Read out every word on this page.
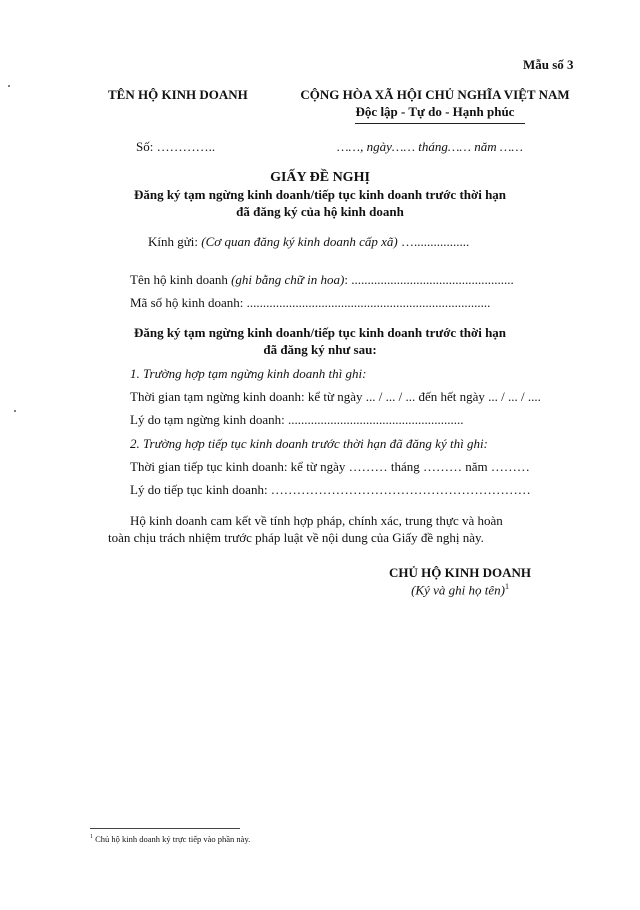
Mẫu số 3
TÊN HỘ KINH DOANH	CỘNG HÒA XÃ HỘI CHỦ NGHĨA VIỆT NAM
Độc lập - Tự do - Hạnh phúc
Số: …………..	……, ngày…… tháng…… năm ……
GIẤY ĐỀ NGHỊ
Đăng ký tạm ngừng kinh doanh/tiếp tục kinh doanh trước thời hạn
đã đăng ký của hộ kinh doanh
Kính gửi: (Cơ quan đăng ký kinh doanh cấp xã) ….................
Tên hộ kinh doanh (ghi bằng chữ in hoa): ..................................................
Mã số hộ kinh doanh: ...........................................................................
Đăng ký tạm ngừng kinh doanh/tiếp tục kinh doanh trước thời hạn
đã đăng ký như sau:
1. Trường hợp tạm ngừng kinh doanh thì ghi:
Thời gian tạm ngừng kinh doanh: kể từ ngày ... / ... / ... đến hết ngày ... / ... / ....
Lý do tạm ngừng kinh doanh: ......................................................
2. Trường hợp tiếp tục kinh doanh trước thời hạn đã đăng ký thì ghi:
Thời gian tiếp tục kinh doanh: kể từ ngày ……… tháng ……… năm ………
Lý do tiếp tục kinh doanh: ……………………………………………………
Hộ kinh doanh cam kết về tính hợp pháp, chính xác, trung thực và hoàn
toàn chịu trách nhiệm trước pháp luật về nội dung của Giấy đề nghị này.
CHỦ HỘ KINH DOANH
(Ký và ghi họ tên)$^1$
$^1$ Chủ hộ kinh doanh ký trực tiếp vào phần này.
